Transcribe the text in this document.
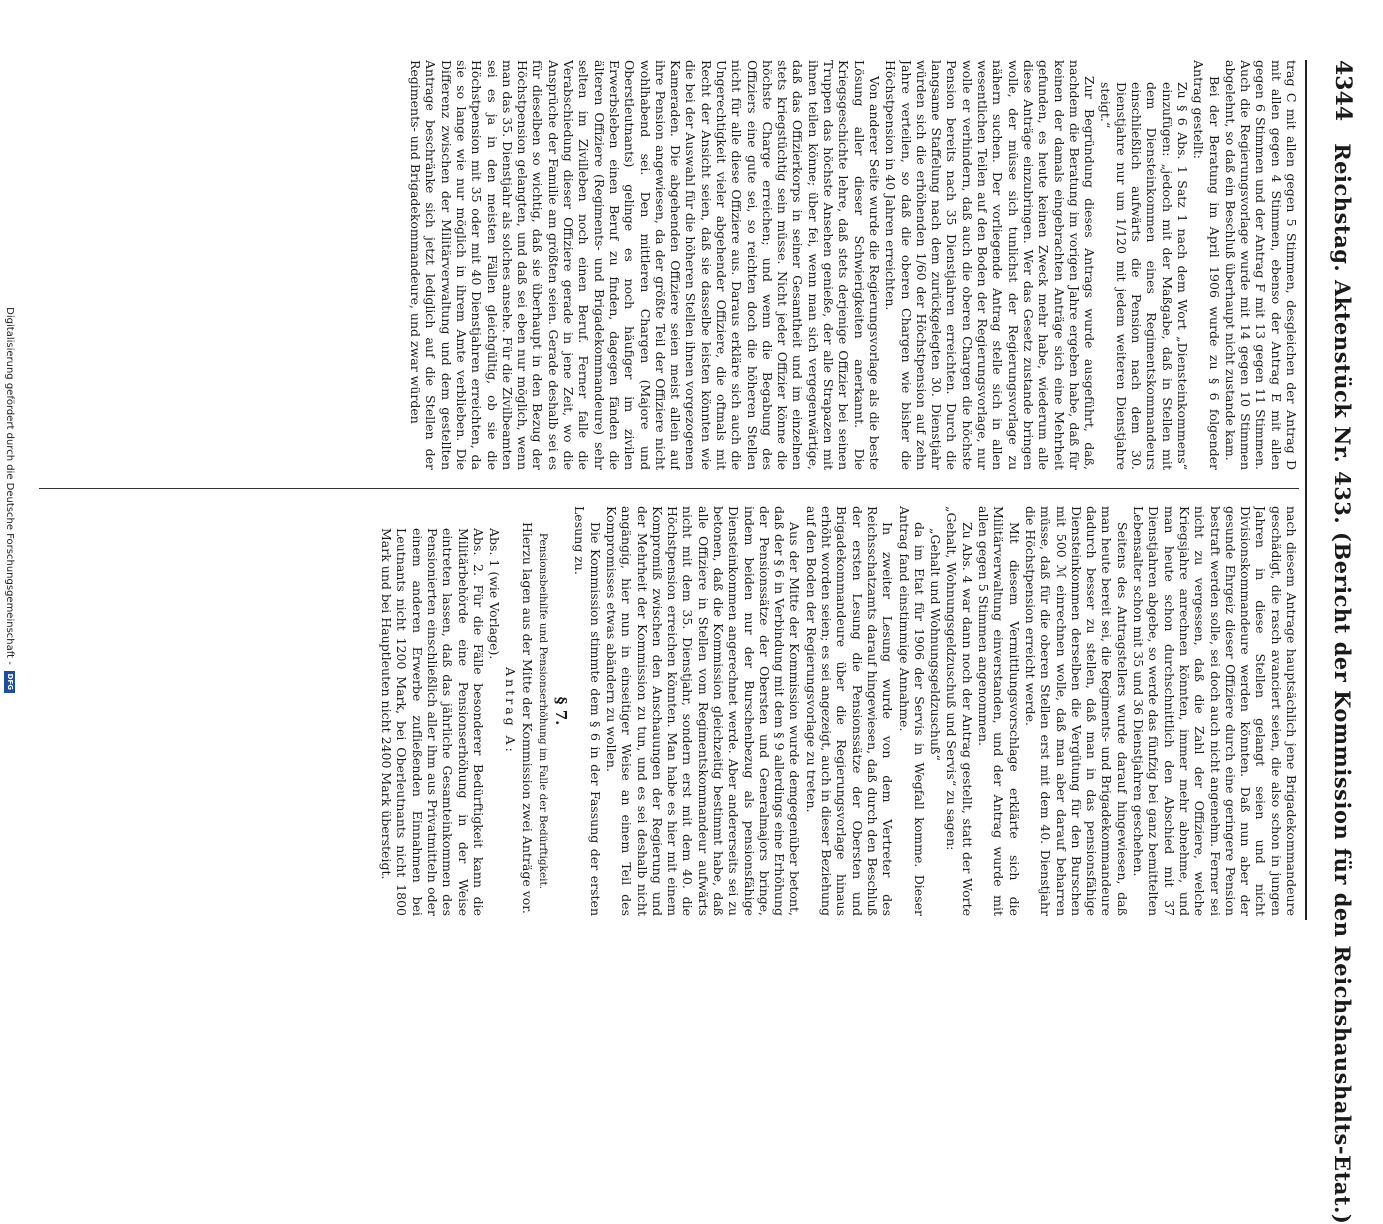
4344
Reichstag. Aktenstück Nr. 433. (Bericht der Kommission für den Reichshaushalts-Etat.)

trag C mit allen gegen 5 Stimmen, desgleichen der Antrag D mit allen gegen 4 Stimmen, ebenso der Antrag E mit allen gegen 6 Stimmen und der Antrag F mit 13 gegen 11 Stimmen. Auch die Regierungsvorlage wurde mit 14 gegen 10 Stimmen abgelehnt, so daß ein Beschluß überhaupt nicht zustande kam.

Bei der Beratung im April 1906 wurde zu § 6 folgender Antrag gestellt:

Zu § 6 Abs. 1 Satz 1 nach dem Wort „Diensteinkommens“ einzufügen: „jedoch mit der Maßgabe, daß in Stellen mit dem Diensteinkommen eines Regimentskommandeurs einschließlich aufwärts die Pension nach dem 30. Dienstjahre nur um 1/120 mit jedem weiteren Dienstjahre steigt.“

Zur Begründung dieses Antrags wurde ausgeführt, daß, nachdem die Beratung im vorigen Jahre ergeben habe, daß für keinen der damals eingebrachten Anträge sich eine Mehrheit gefunden, es heute keinen Zweck mehr habe, wiederum alle diese Anträge einzubringen. Wer das Gesetz zustande bringen wolle, der müsse sich tunlichst der Regierungsvorlage zu nähern suchen. Der vorliegende Antrag stelle sich in allen wesentlichen Teilen auf den Boden der Regierungsvorlage, nur wolle er verhindern, daß auch die oberen Chargen die höchste Pension bereits nach 35 Dienstjahren erreichten. Durch die langsame Staffelung nach dem zurückgelegten 30. Dienstjahr würden sich die erhöhenden 1/60 der Höchstpension auf zehn Jahre verteilen, so daß die oberen Chargen wie bisher die Höchstpension in 40 Jahren erreichten.

Von anderer Seite wurde die Regierungsvorlage als die beste Lösung aller dieser Schwierigkeiten anerkannt. Die Kriegsgeschichte lehre, daß stets derjenige Offizier bei seinen Truppen das höchste Ansehen genieße, der alle Strapazen mit ihnen teilen könne; über fei, wenn man sich vergegenwärtige, daß das Offizierkorps in seiner Gesamtheit und im einzelnen stets kriegstüchtig sein müsse. Nicht jeder Offizier könne die höchste Charge erreichen; und wenn die Begabung des Offiziers eine gute sei, so reichten doch die höheren Stellen nicht für alle diese Offiziere aus. Daraus erkläre sich auch die Ungerechtigkeit vieler abgehender Offiziere, die oftmals mit Recht der Ansicht seien, daß sie dasselbe leisten könnten wie die bei der Auswahl für die höheren Stellen ihnen vorgezogenen Kameraden. Die abgehenden Offiziere seien meist allein auf ihre Pension angewiesen, da der größte Teil der Offiziere nicht wohlhabend sei. Den mittleren Chargen (Majore und Oberstleutnants) gelinge es noch häufiger im zivilen Erwerbsleben einen Beruf zu finden, dagegen fänden die älteren Offiziere (Regiments- und Brigadekommandeure) sehr selten im Zivilleben noch einen Beruf. Ferner falle die Verabschiedung dieser Offiziere gerade in jene Zeit, wo die Ansprüche der Familie am größten seien. Gerade deshalb sei es für dieselben so wichtig, daß sie überhaupt in den Bezug der Höchstpension gelangten, und daß sei eben nur möglich, wenn man das 35. Dienstjahr als solches ansehe. Für die Zivilbeamten sei es ja in den meisten Fällen gleichgültig, ob sie die Höchstpension mit 35 oder mit 40 Dienstjahren erreichten, da sie so lange wie nur möglich in ihrem Amte verblieben. Die Differenz zwischen der Militärverwaltung und dem gestellten Antrage beschränke sich jetzt lediglich auf die Stellen der Regiments- und Brigadekommandeure, und zwar würden

nach diesem Antrage hauptsächlich jene Brigadekommandeure geschädigt, die rasch avanciert seien, die also schon in jungen Jahren in diese Stellen gelangt seien und nicht Divisionskommandeure werden könnten. Daß nun aber der gesunde Ehrgeiz dieser Offiziere durch eine geringere Pension bestraft werden solle, sei doch auch nicht angenehm. Ferner sei nicht zu vergessen, daß die Zahl der Offiziere, welche Kriegsjahre anrechnen könnten, immer mehr abnehme, und man heute schon durchschnittlich den Abschied mit 37 Dienstjahren abgebe, so werde das fünfzig bei ganz bemittelten Lebensalter schon mit 35 und 36 Dienstjahren geschehen.

Seitens des Antragstellers wurde darauf hingewiesen, daß man heute bereit sei, die Regiments- und Brigadekommandeure dadurch besser zu stellen, daß man in das pensionsfähige Diensteinkommen derselben die Vergütung für den Burschen mit 500 ℳ einrechnen wolle, daß man aber darauf beharren müsse, daß für die oberen Stellen erst mit dem 40. Dienstjahr die Höchstpension erreicht werde.

Mit diesem Vermittlungsvorschlage erklärte sich die Militärverwaltung einverstanden, und der Antrag wurde mit allen gegen 5 Stimmen angenommen.

Zu Abs. 4 war dann noch der Antrag gestellt, statt der Worte „Gehalt, Wohnungsgeldzuschuß und Servis“ zu sagen:

„Gehalt und Wohnungsgeldzuschuß“

da im Etat für 1906 der Servis in Wegfall komme. Dieser Antrag fand einstimmige Annahme.

In zweiter Lesung wurde von dem Vertreter des Reichsschatzamts darauf hingewiesen, daß durch den Beschluß der ersten Lesung die Pensionssätze der Obersten und Brigadekommandeure über die Regierungsvorlage hinaus erhöht worden seien; es sei angezeigt, auch in dieser Beziehung auf den Boden der Regierungsvorlage zu treten.

Aus der Mitte der Kommission wurde demgegenüber betont, daß der § 6 in Verbindung mit dem § 9 allerdings eine Erhöhung der Pensionssätze der Obersten und Generalmajors bringe, indem beiden nur der Burschenbezug als pensionsfähige Diensteinkommen angerechnet werde. Aber andererseits sei zu betonen, daß die Kommission gleichzeitig bestimmt habe, daß alle Offiziere in Stellen vom Regimentskommandeur aufwärts nicht mit dem 35. Dienstjahr, sondern erst mit dem 40. die Höchstpension erreichen könnten. Man habe es hier mit einem Kompromiß zwischen den Anschauungen der Regierung und der Mehrheit der Kommission zu tun, und es sei deshalb nicht angängig, hier nun in einseitiger Weise an einem Teil des Kompromisses etwas abändern zu wollen.

Die Kommission stimmte dem § 6 in der Fassung der ersten Lesung zu.

§ 7.

Pensionsbeihilfe und Pensionserhöhung im Falle der Bedürftigkeit.

Hierzu lagen aus der Mitte der Kommission zwei Anträge vor.

Antrag A:

Abs. 1 (wie Vorlage).

Abs. 2. Für die Fälle besonderer Bedürftigkeit kann die Militärbehörde eine Pensionserhöhung in der Weise eintreten lassen, daß das jährliche Gesamteinkommen des Pensionierten einschließlich aller ihm aus Privatmitteln oder einem anderen Erwerbe zufließenden Einnahmen bei Leutnants nicht 1200 Mark, bei Oberleutnants nicht 1800 Mark und bei Hauptleuten nicht 2400 Mark übersteigt.

Digitalisierung gefördert durch die Deutsche Forschungsgemeinschaft -
DFG
